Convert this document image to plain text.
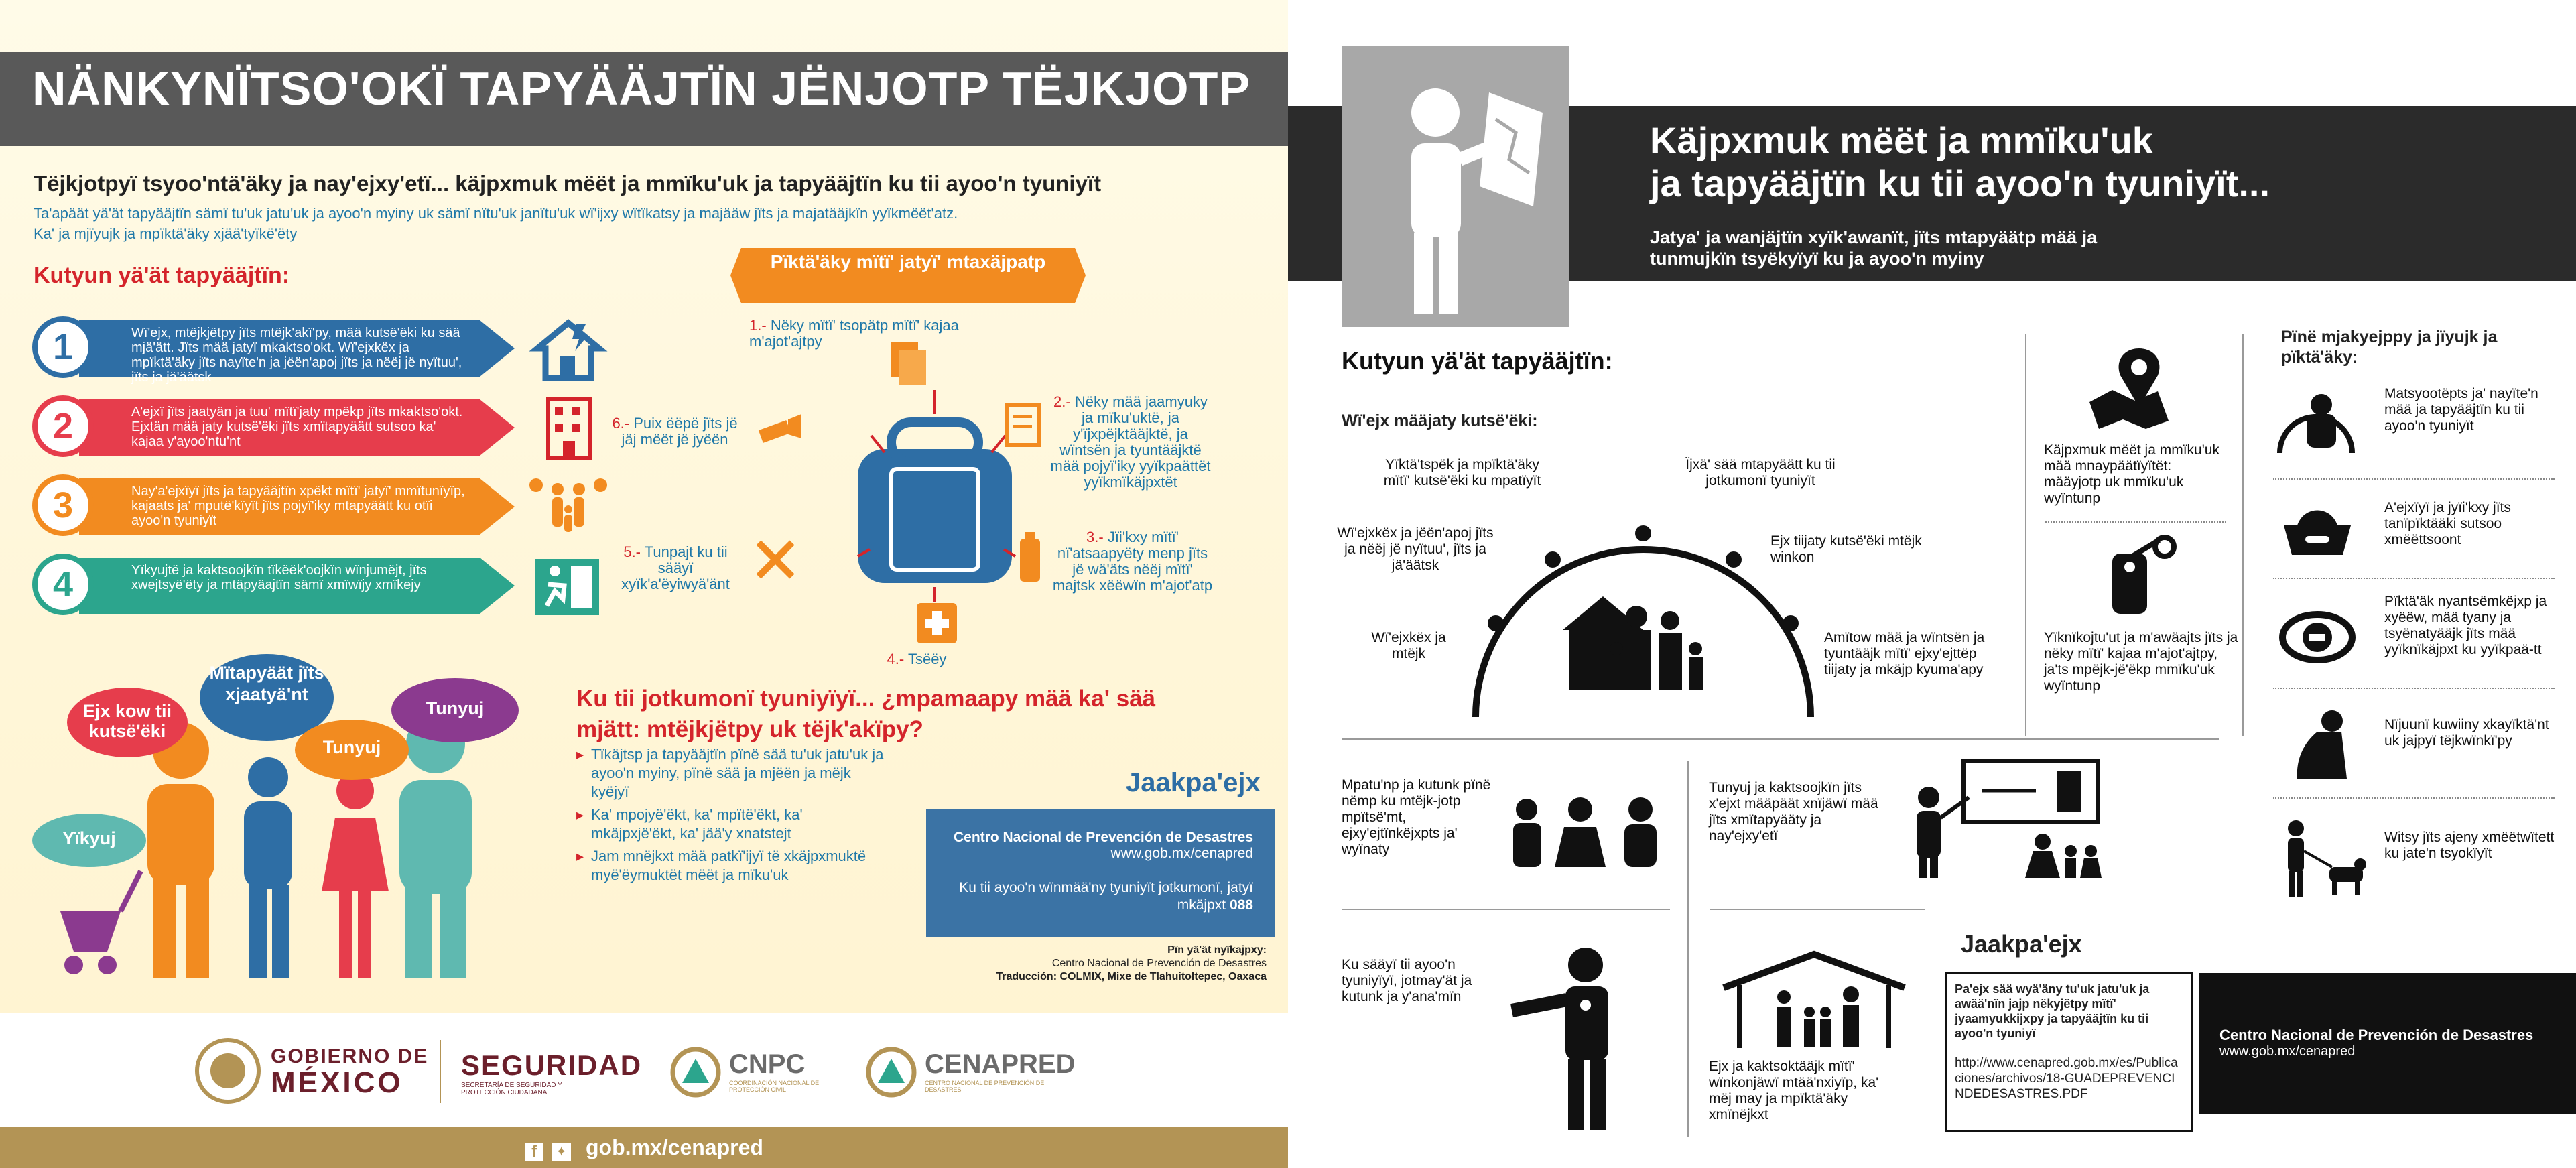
NÄNKYNÏTSO'OKÏ TAPYÄÄJTÏN JËNJOTP TËJKJOTP
Tëjkjotpyï tsyoo'ntä'äky ja nay'ejxy'etï... käjpxmuk mëët ja mmïku'uk ja tapyääjtïn ku tii ayoo'n tyuniyït
Ta'apäät yä'ät tapyääjtïn sämï tu'uk jatu'uk ja ayoo'n myiny uk sämï nïtu'uk janïtu'uk wï'ijxy wïtïkatsy ja majääw jïts ja majatääjkïn yyïkmëët'atz.
Ka' ja mjïyujk ja mpïktä'äky xjää'tyïkë'ëty
Kutyun yä'ät tapyääjtïn:
1	Wï'ejx, mtëjkjëtpy jïts mtëjk'akï'py, mää kutsë'ëki ku sää mjä'ätt. Jïts mää jatyï mkaktso'okt. Wï'ejxkëx ja mpïktä'äky jïts nayïte'n ja jëën'apoj jïts ja nëëj jë nyïtuu', jïts ja jä'äätsk
2	A'ejxï jïts jaatyän ja tuu' mïtï'jaty mpëkp jïts mkaktso'okt. Ejxtän mää jaty kutsë'ëki jïts xmïtapyäätt sutsoo ka' kajaa y'ayoo'ntu'nt
3	Nay'a'ejxïyï jïts ja tapyääjtïn xpëkt mïtï' jatyï' mmïtunïyïp, kajaats ja' mputë'kïyït jïts pojyï'iky mtapyäätt ku otïi ayoo'n tyuniyït
4	Yïkyujtë ja kaktsoojkïn tïkëëk'oojkïn wïnjumëjt, jïts xwejtsyë'ëty ja mtäpyäajtïn sämï xmïwïjy xmïkejy
Pïktä'äky mïtï' jatyï' mtaxäjpatp
1.- Nëky mïtï' tsopätp mïtï' kajaa m'ajot'ajtpy
2.- Nëky mää jaamyuky ja mïku'uktë, ja y'ïjxpëjktääjktë, ja wïntsën ja tyuntääjktë mää pojyï'iky yyïkpaättët yyïkmïkäjpxtët
3.- Jïi'kxy mïtï' nï'atsaapyëty menp jïts jë wä'äts nëëj mïtï' majtsk xëëwïn m'ajot'atp
4.- Tsëëy
5.- Tunpajt ku tii sääyï xyïk'a'ëyiwyä'änt
6.- Puix ëëpë jïts jë jäj mëët jë jyëën
Ejx kow tii kutsë'ëki
Mïtapyäät jïts xjaatyä'nt
Tunyuj
Tunyuj
Yïkyuj
Ku tii jotkumonï tyuniyïyï... ¿mpamaapy mää ka' sää mjätt: mtëjkjëtpy uk tëjk'akïpy?
▸ Tïkäjtsp ja tapyääjtïn pïnë sää tu'uk jatu'uk ja ayoo'n myiny, pïnë sää ja mjëën ja mëjk kyëjyï
▸ Ka' mpojyë'ëkt, ka' mpïtë'ëkt, ka' mkäjpxjë'ëkt, ka' jää'y xnatstejt
▸ Jam mnëjkxt mää patkï'ijyï të xkäjpxmuktë myë'ëymuktët mëët ja mïku'uk
Jaakpa'ejx
Centro Nacional de Prevención de Desastres
www.gob.mx/cenapred
Ku tii ayoo'n wïnmää'ny tyuniyït jotkumonï, jatyï mkäjpxt 088
Pïn yä'ät nyïkajpxy:
Centro Nacional de Prevención de Desastres
Traducción: COLMIX, Mixe de Tlahuitoltepec, Oaxaca
GOBIERNO DE
MÉXICO
SEGURIDAD
SECRETARÍA DE SEGURIDAD Y PROTECCIÓN CIUDADANA
CNPC
COORDINACIÓN NACIONAL DE PROTECCIÓN CIVIL
CENAPRED
CENTRO NACIONAL DE PREVENCIÓN DE DESASTRES
f ✦ gob.mx/cenapred
Käjpxmuk mëët ja mmïku'uk
ja tapyääjtïn ku tii ayoo'n tyuniyït...
Jatya' ja wanjäjtïn xyïk'awanït, jïts mtapyäätp mää ja
tunmujkïn tsyëkyïyï ku ja ayoo'n myiny
Kutyun yä'ät tapyääjtïn:
Wï'ejx määjaty kutsë'ëki:
Yïktä'tspëk ja mpïktä'äky mïtï' kutsë'ëki ku mpatïyït
Ïjxä' sää mtapyäätt ku tii jotkumonï tyuniyït
Wï'ejxkëx ja jëën'apoj jïts ja nëëj jë nyïtuu', jïts ja jä'äätsk
Ejx tiijaty kutsë'ëki mtëjk winkon
Wï'ejxkëx ja mtëjk
Amïtow mää ja wïntsën ja tyuntääjk mïtï' ejxy'ejttëp tiijaty ja mkäjp kyuma'apy
Käjpxmuk mëët ja mmïku'uk mää mnaypäätïyïtët: määyjotp uk mmïku'uk wyïntunp
Yïknïkojtu'ut ja m'awäajts jïts ja nëky mïtï' kajaa m'ajot'ajtpy, ja'ts mpëjk-jë'ëkp mmïku'uk wyïntunp
Pïnë mjakyejppy ja jïyujk ja pïktä'äky:
Matsyootëpts ja' nayïte'n mää ja tapyääjtïn ku tii ayoo'n tyuniyït
A'ejxïyï ja jyïi'kxy jïts tanïpïktääki sutsoo xmëëttsoont
Pïktä'äk nyantsëmkëjxp ja xyëëw, mää tyany ja tsyënatyääjk jïts mää yyïknïkäjpxt ku yyïkpaä-tt
Nïjuunï kuwiiny xkayïktä'nt uk jajpyï tëjkwïnkï'py
Witsy jïts ajeny xmëëtwïtett ku jate'n tsyokïyït
Mpatu'np ja kutunk pïnë nëmp ku mtëjk-jotp mpïtsë'mt, ejxy'ejtïnkëjxpts ja' wyïnaty
Tunyuj ja kaktsoojkïn jïts x'ejxt määpäät xnïjäwï mää jïts xmïtapyääty ja nay'ejxy'etï
Ku sääyï tii ayoo'n tyuniyïyï, jotmay'ät ja kutunk ja y'ana'mïn
Ejx ja kaktsoktääjk mïtï' wïnkonjäwï mtää'nxiyïp, ka' mëj may ja mpïktä'äky xmïnëjkxt
Jaakpa'ejx
Pa'ejx sää wyä'äny tu'uk jatu'uk ja awää'nïn jajp nëkyjëtpy mïtï' jyaamyukkijxpy ja tapyääjtïn ku tii ayoo'n tyuniyï
http://www.cenapred.gob.mx/es/Publicaciones/archivos/18-GUADEPREVENCINDEDESASTRES.PDF
Centro Nacional de Prevención de Desastres
www.gob.mx/cenapred
